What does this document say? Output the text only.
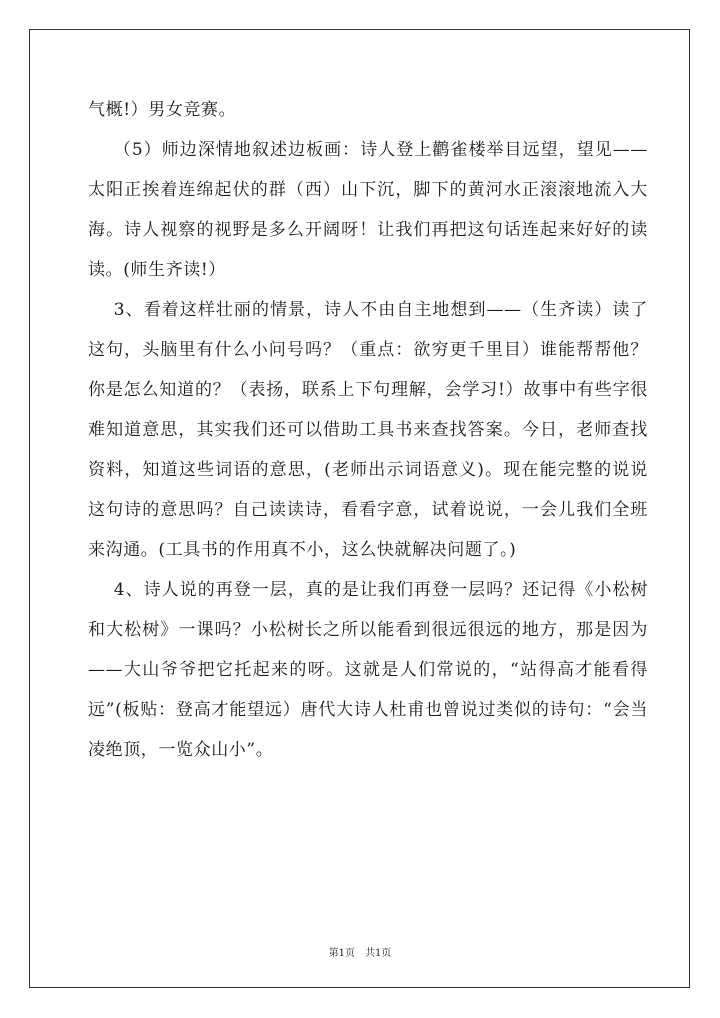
气概!）男女竞赛。

（5）师边深情地叙述边板画：诗人登上鹳雀楼举目远望，望见——太阳正挨着连绵起伏的群（西）山下沉，脚下的黄河水正滚滚地流入大海。诗人视察的视野是多么开阔呀！让我们再把这句话连起来好好的读读。(师生齐读!）

3、看着这样壮丽的情景，诗人不由自主地想到——（生齐读）读了这句，头脑里有什么小问号吗？（重点：欲穷更千里目）谁能帮帮他？你是怎么知道的？（表扬，联系上下句理解，会学习!）故事中有些字很难知道意思，其实我们还可以借助工具书来查找答案。今日，老师查找资料，知道这些词语的意思，(老师出示词语意义)。现在能完整的说说这句诗的意思吗？自己读读诗，看看字意，试着说说，一会儿我们全班来沟通。(工具书的作用真不小，这么快就解决问题了。)

4、诗人说的再登一层，真的是让我们再登一层吗？还记得《小松树和大松树》一课吗？小松树长之所以能看到很远很远的地方，那是因为——大山爷爷把它托起来的呀。这就是人们常说的，“站得高才能看得远”(板贴：登高才能望远）唐代大诗人杜甫也曾说过类似的诗句：“会当凌绝顶，一览众山小”。

第1页　共1页
